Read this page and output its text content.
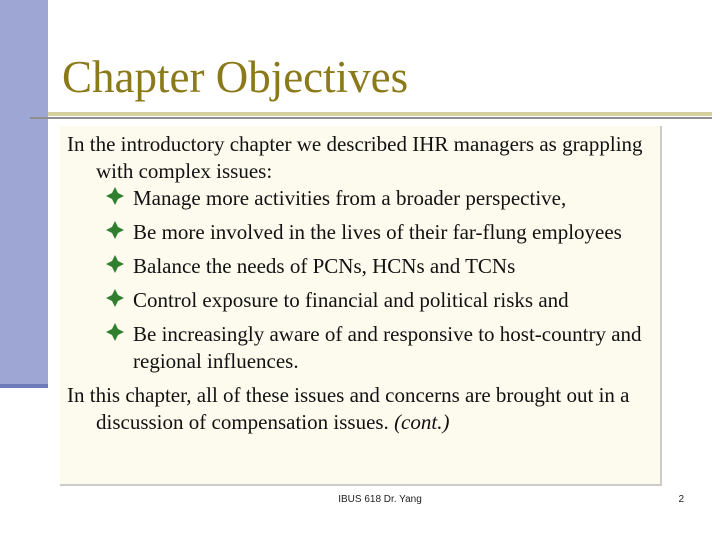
Chapter Objectives

In the introductory chapter we described IHR managers as grappling with complex issues:

Manage more activities from a broader perspective,
Be more involved in the lives of their far-flung employees
Balance the needs of PCNs, HCNs and TCNs
Control exposure to financial and political risks and
Be increasingly aware of and responsive to host-country and regional influences.

In this chapter, all of these issues and concerns are brought out in a discussion of compensation issues. (cont.)

IBUS 618 Dr. Yang	2
